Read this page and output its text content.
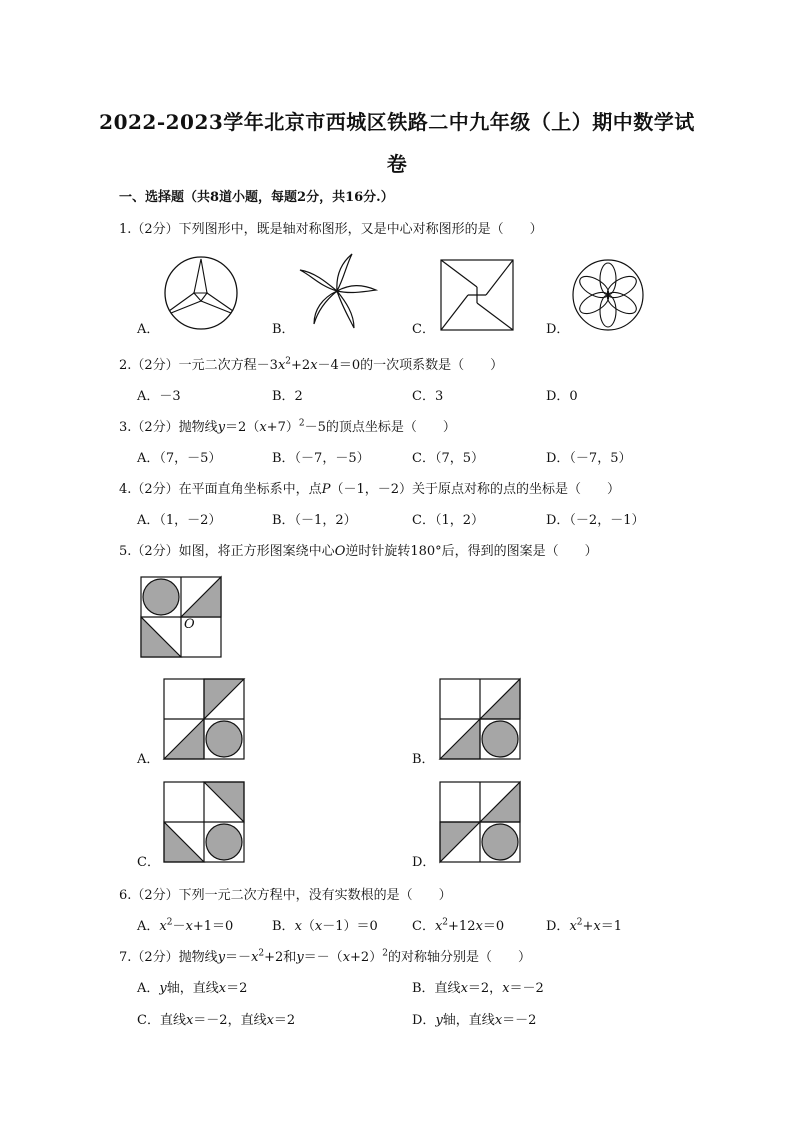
2022-2023学年北京市西城区铁路二中九年级（上）期中数学试
卷
一、选择题（共8道小题，每题2分，共16分.）
1.（2分）下列图形中，既是轴对称图形，又是中心对称图形的是（　　）
A．	B．	C．	D．
2.（2分）一元二次方程$-3x^2+2x-4=0$的一次项系数是（　　）
A．－3	B．2	C．3	D．0
3.（2分）抛物线$y=2(x+7)^2-5$的顶点坐标是（　　）
A．（7，－5）	B．（－7，－5）	C．（7，5）	D．（－7，5）
4.（2分）在平面直角坐标系中，点P（－1，－2）关于原点对称的点的坐标是（　　）
A．（1，－2）	B．（－1，2）	C．（1，2）	D．（－2，－1）
5.（2分）如图，将正方形图案绕中心O逆时针旋转180°后，得到的图案是（　　）
O
A．	B．
C．	D．
6.（2分）下列一元二次方程中，没有实数根的是（　　）
A．$x^2-x+1=0$	B．x（x－1）＝0	C．$x^2+12x=0$	D．$x^2+x=1$
7.（2分）抛物线$y=-x^2+2$和$y=-(x+2)^2$的对称轴分别是（　　）
A．y轴，直线x＝2	B．直线x＝2，x＝－2
C．直线x＝－2，直线x＝2	D．y轴，直线x＝－2
